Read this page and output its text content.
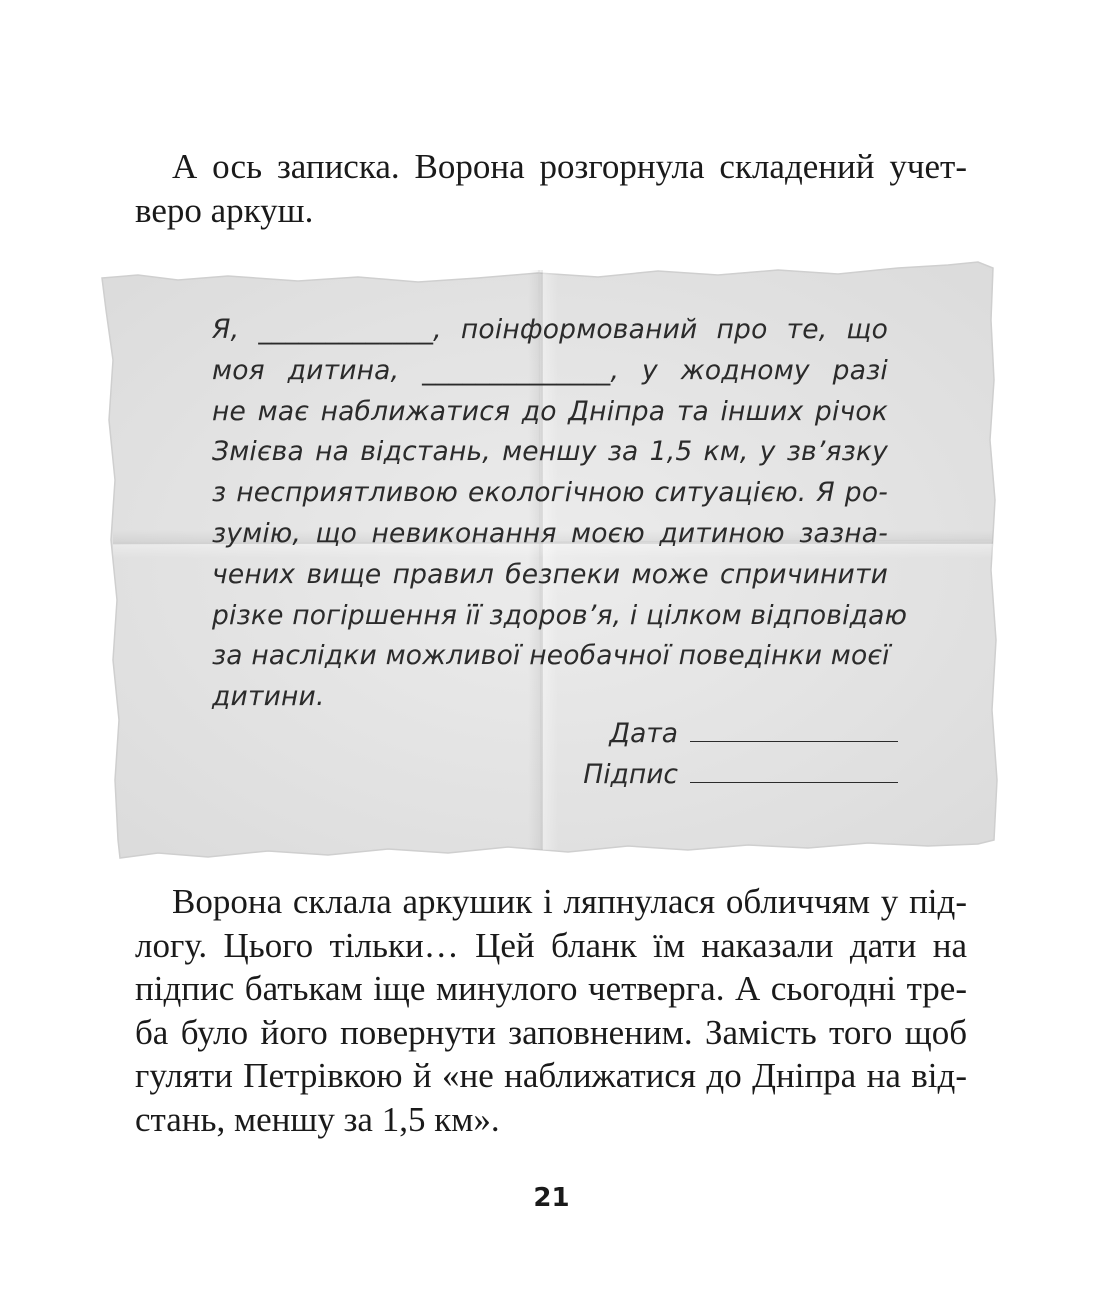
А ось записка. Ворона розгорнула складений учет-
веро аркуш.
Я, _____________, поінформований про те, що
моя дитина, ______________, у жодному разі
не має наближатися до Дніпра та інших річок
Змієва на відстань, меншу за 1,5 км, у зв’язку
з несприятливою екологічною ситуацією. Я ро-
зумію, що невиконання моєю дитиною зазна-
чених вище правил безпеки може спричинити
різке погіршення її здоров’я, і цілком відповідаю
за наслідки можливої необачної поведінки моєї
дитини.
Дата
Підпис
Ворона склала аркушик і ляпнулася обличчям у під-
логу. Цього тільки… Цей бланк їм наказали дати на
підпис батькам іще минулого четверга. А сьогодні тре-
ба було його повернути заповненим. Замість того щоб
гуляти Петрівкою й «не наближатися до Дніпра на від-
стань, меншу за 1,5 км».
21
